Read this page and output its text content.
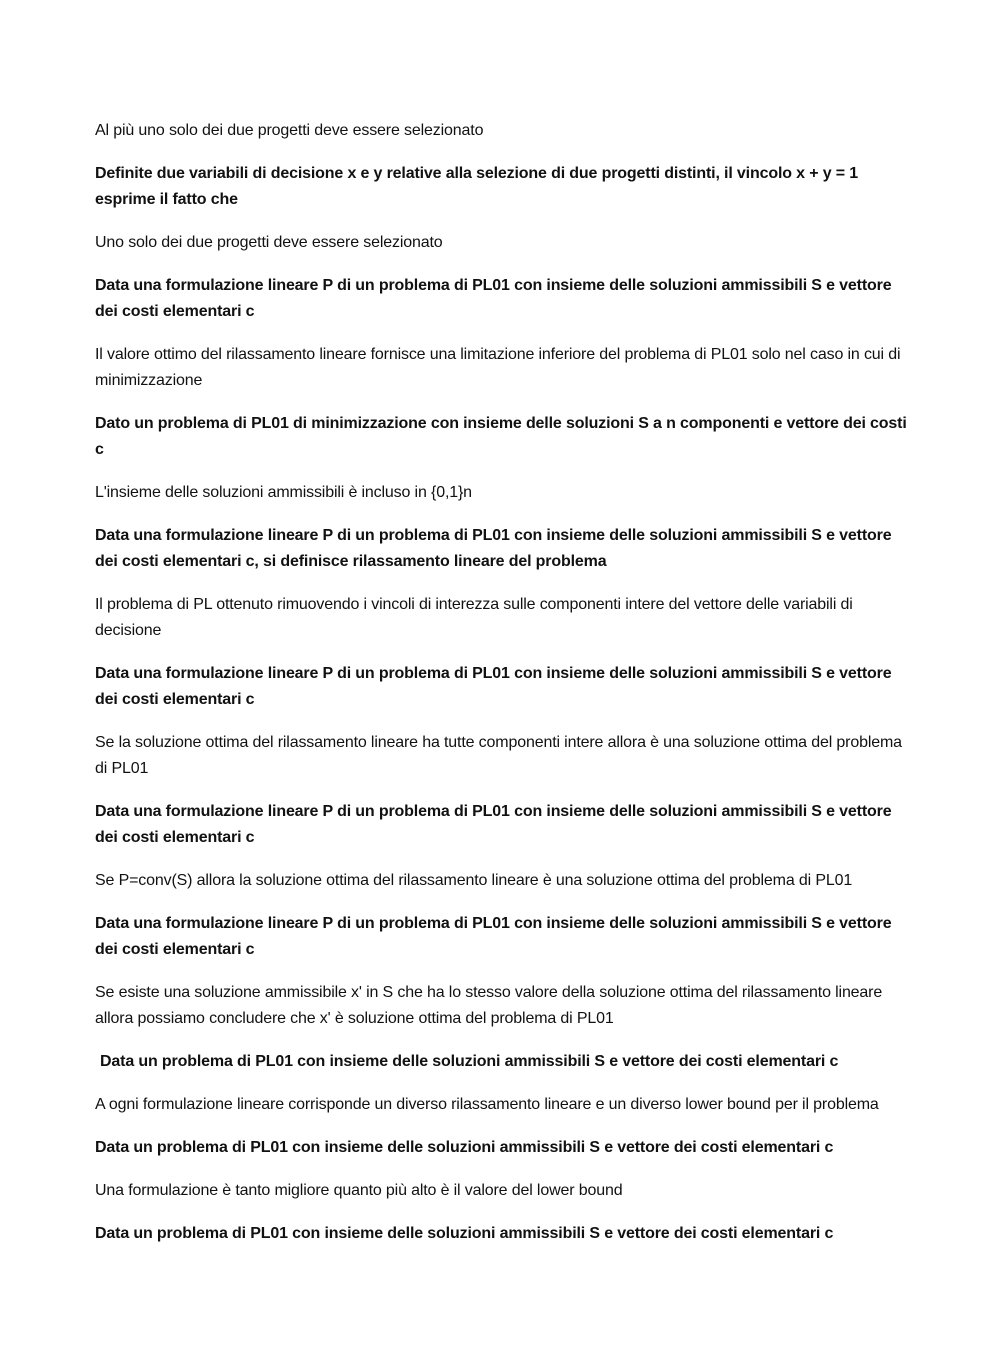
Al più uno solo dei due progetti deve essere selezionato

Definite due variabili di decisione x e y relative alla selezione di due progetti distinti, il vincolo x + y = 1 esprime il fatto che

Uno solo dei due progetti deve essere selezionato

Data una formulazione lineare P di un problema di PL01 con insieme delle soluzioni ammissibili S e vettore dei costi elementari c

Il valore ottimo del rilassamento lineare fornisce una limitazione inferiore del problema di PL01 solo nel caso in cui di minimizzazione

Dato un problema di PL01 di minimizzazione con insieme delle soluzioni S a n componenti e vettore dei costi c

L'insieme delle soluzioni ammissibili è incluso in {0,1}n

Data una formulazione lineare P di un problema di PL01 con insieme delle soluzioni ammissibili S e vettore dei costi elementari c, si definisce rilassamento lineare del problema

Il problema di PL ottenuto rimuovendo i vincoli di interezza sulle componenti intere del vettore delle variabili di decisione

Data una formulazione lineare P di un problema di PL01 con insieme delle soluzioni ammissibili S e vettore dei costi elementari c

Se la soluzione ottima del rilassamento lineare ha tutte componenti intere allora è una soluzione ottima del problema di PL01

Data una formulazione lineare P di un problema di PL01 con insieme delle soluzioni ammissibili S e vettore dei costi elementari c

Se P=conv(S) allora la soluzione ottima del rilassamento lineare è una soluzione ottima del problema di PL01

Data una formulazione lineare P di un problema di PL01 con insieme delle soluzioni ammissibili S e vettore dei costi elementari c

Se esiste una soluzione ammissibile x' in S che ha lo stesso valore della soluzione ottima del rilassamento lineare allora possiamo concludere che x' è soluzione ottima del problema di PL01

Data un problema di PL01 con insieme delle soluzioni ammissibili S e vettore dei costi elementari c

A ogni formulazione lineare corrisponde un diverso rilassamento lineare e un diverso lower bound per il problema

Data un problema di PL01 con insieme delle soluzioni ammissibili S e vettore dei costi elementari c

Una formulazione è tanto migliore quanto più alto è il valore del lower bound

Data un problema di PL01 con insieme delle soluzioni ammissibili S e vettore dei costi elementari c
